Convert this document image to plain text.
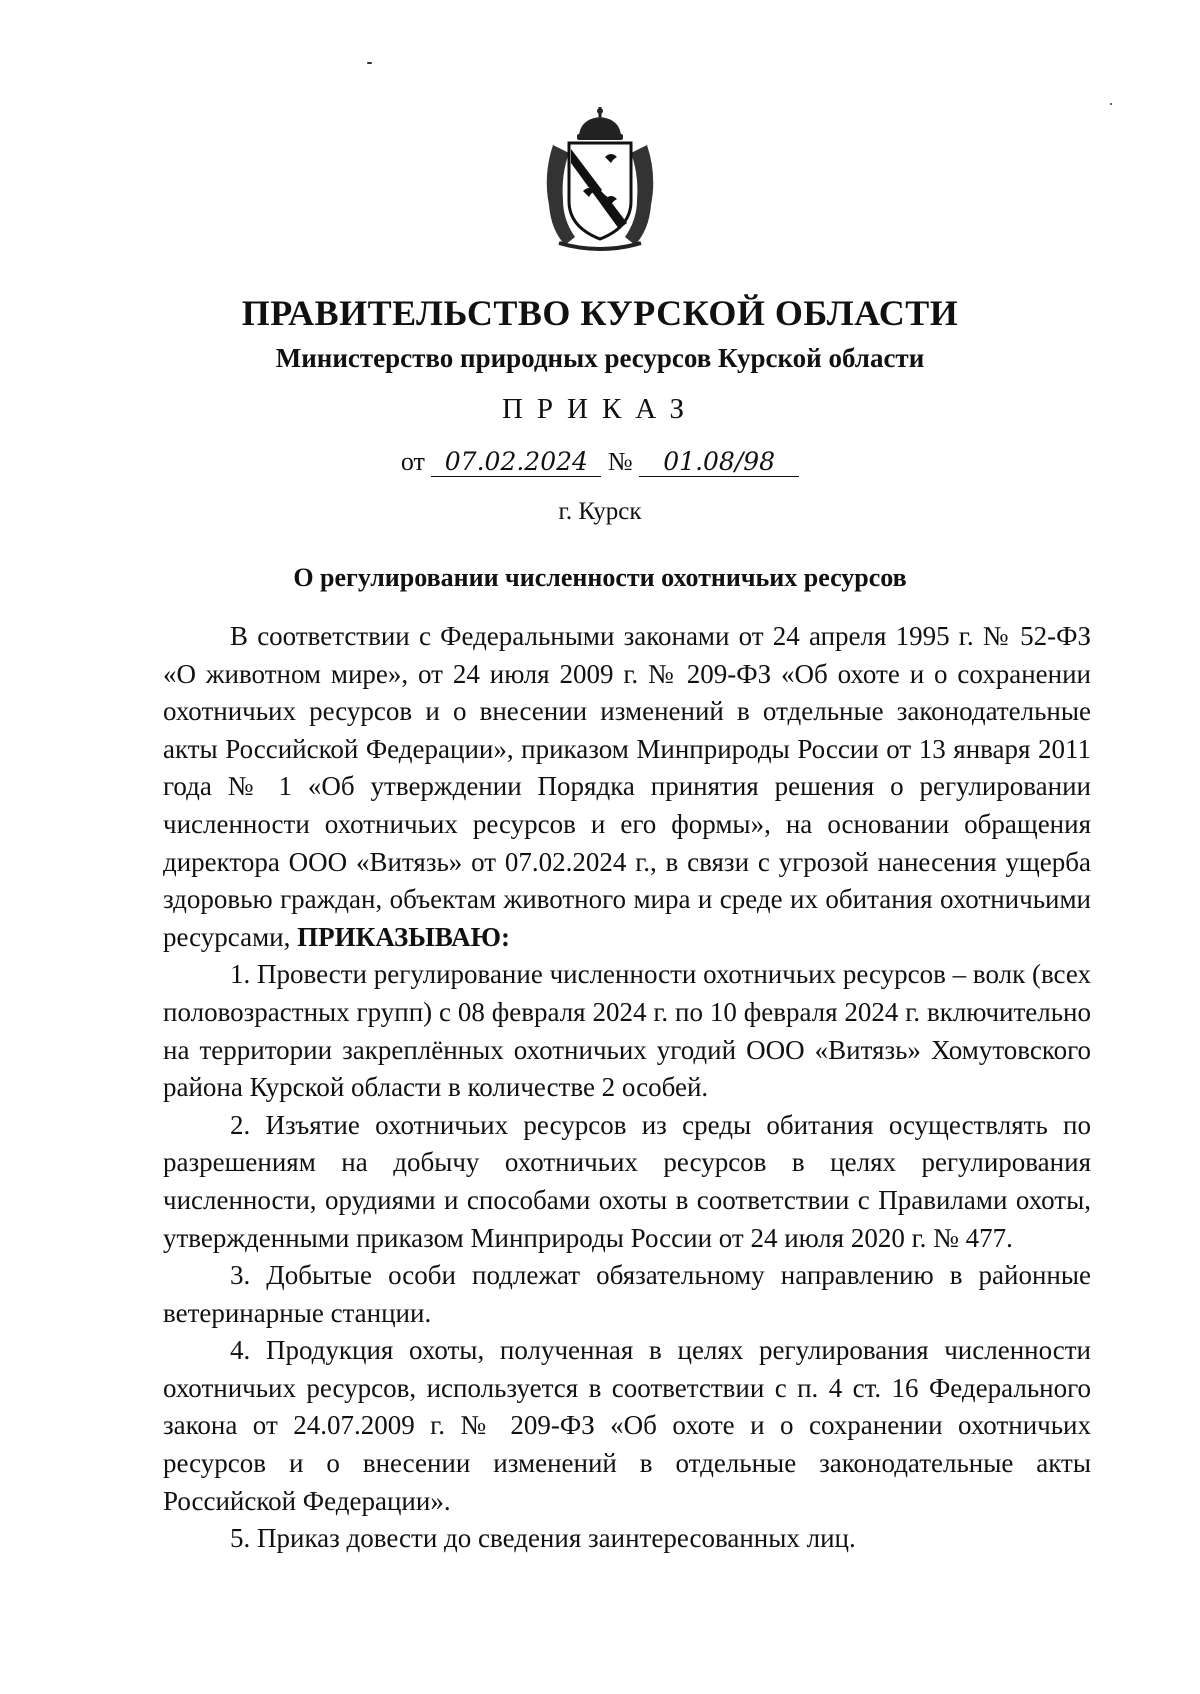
ПРАВИТЕЛЬСТВО КУРСКОЙ ОБЛАСТИ
Министерство природных ресурсов Курской области
ПРИКАЗ
от 07.02.2024 № 01.08/98
г. Курск
О регулировании численности охотничьих ресурсов

В соответствии с Федеральными законами от 24 апреля 1995 г. № 52-ФЗ «О животном мире», от 24 июля 2009 г. № 209-ФЗ «Об охоте и о сохранении охотничьих ресурсов и о внесении изменений в отдельные законодательные акты Российской Федерации», приказом Минприроды России от 13 января 2011 года № 1 «Об утверждении Порядка принятия решения о регулировании численности охотничьих ресурсов и его формы», на основании обращения директора ООО «Витязь» от 07.02.2024 г., в связи с угрозой нанесения ущерба здоровью граждан, объектам животного мира и среде их обитания охотничьими ресурсами, ПРИКАЗЫВАЮ:

1. Провести регулирование численности охотничьих ресурсов – волк (всех половозрастных групп) с 08 февраля 2024 г. по 10 февраля 2024 г. включительно на территории закреплённых охотничьих угодий ООО «Витязь» Хомутовского района Курской области в количестве 2 особей.

2. Изъятие охотничьих ресурсов из среды обитания осуществлять по разрешениям на добычу охотничьих ресурсов в целях регулирования численности, орудиями и способами охоты в соответствии с Правилами охоты, утвержденными приказом Минприроды России от 24 июля 2020 г. № 477.

3. Добытые особи подлежат обязательному направлению в районные ветеринарные станции.

4. Продукция охоты, полученная в целях регулирования численности охотничьих ресурсов, используется в соответствии с п. 4 ст. 16 Федерального закона от 24.07.2009 г. № 209-ФЗ «Об охоте и о сохранении охотничьих ресурсов и о внесении изменений в отдельные законодательные акты Российской Федерации».

5. Приказ довести до сведения заинтересованных лиц.
